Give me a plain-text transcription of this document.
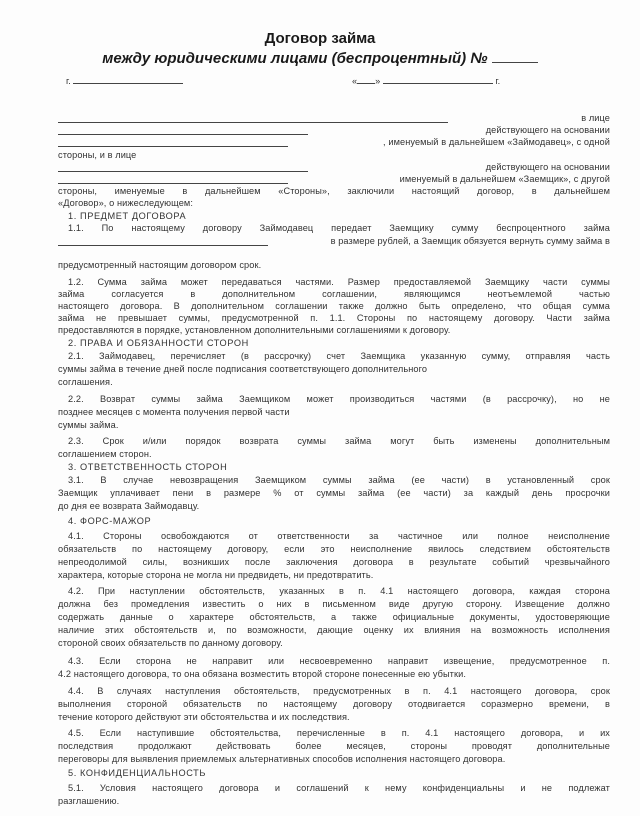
Договор займа
между юридическими лицами (беспроцентный) №
г.	« »	г.
в лице
действующего на основании
, именуемый в дальнейшем «Займодавец», с одной
стороны, и в лице
действующего на основании
именуемый в дальнейшем «Заемщик», с другой
стороны, именуемые в дальнейшем «Стороны», заключили настоящий договор, в дальнейшем
«Договор», о нижеследующем:
1. ПРЕДМЕТ ДОГОВОРА
1.1. По настоящему договору Займодавец передает Заемщику сумму беспроцентного займа
в размере рублей, а Заемщик обязуется вернуть сумму займа в
предусмотренный настоящим договором срок.
1.2. Сумма займа может передаваться частями. Размер предоставляемой Заемщику части суммы
займа согласуется в дополнительном соглашении, являющимся неотъемлемой частью
настоящего договора. В дополнительном соглашении также должно быть определено, что общая сумма
займа не превышает суммы, предусмотренной п. 1.1. Стороны по настоящему договору. Части займа
предоставляются в порядке, установленном дополнительными соглашениями к договору.
2. ПРАВА И ОБЯЗАННОСТИ СТОРОН
2.1. Займодавец, перечисляет (в рассрочку) счет Заемщика указанную сумму, отправляя часть
суммы займа в течение дней после подписания соответствующего дополнительного
соглашения.
2.2. Возврат суммы займа Заемщиком может производиться частями (в рассрочку), но не
позднее месяцев с момента получения первой части
суммы займа.
2.3. Срок и/или порядок возврата суммы займа могут быть изменены дополнительным
соглашением сторон.
3. ОТВЕТСТВЕННОСТЬ СТОРОН
3.1. В случае невозвращения Заемщиком суммы займа (ее части) в установленный срок
Заемщик уплачивает пени в размере % от суммы займа (ее части) за каждый день просрочки
до дня ее возврата Займодавцу.
4. ФОРС-МАЖОР
4.1. Стороны освобождаются от ответственности за частичное или полное неисполнение
обязательств по настоящему договору, если это неисполнение явилось следствием обстоятельств
непреодолимой силы, возникших после заключения договора в результате событий чрезвычайного
характера, которые сторона не могла ни предвидеть, ни предотвратить.
4.2. При наступлении обстоятельств, указанных в п. 4.1 настоящего договора, каждая сторона
должна без промедления известить о них в письменном виде другую сторону. Извещение должно
содержать данные о характере обстоятельств, а также официальные документы, удостоверяющие
наличие этих обстоятельств и, по возможности, дающие оценку их влияния на возможность исполнения
стороной своих обязательств по данному договору.
4.3. Если сторона не направит или несвоевременно направит извещение, предусмотренное п.
4.2 настоящего договора, то она обязана возместить второй стороне понесенные ею убытки.
4.4. В случаях наступления обстоятельств, предусмотренных в п. 4.1 настоящего договора, срок
выполнения стороной обязательств по настоящему договору отодвигается соразмерно времени, в
течение которого действуют эти обстоятельства и их последствия.
4.5. Если наступившие обстоятельства, перечисленные в п. 4.1 настоящего договора, и их
последствия продолжают действовать более месяцев, стороны проводят дополнительные
переговоры для выявления приемлемых альтернативных способов исполнения настоящего договора.
5. КОНФИДЕНЦИАЛЬНОСТЬ
5.1. Условия настоящего договора и соглашений к нему конфиденциальны и не подлежат
разглашению.
